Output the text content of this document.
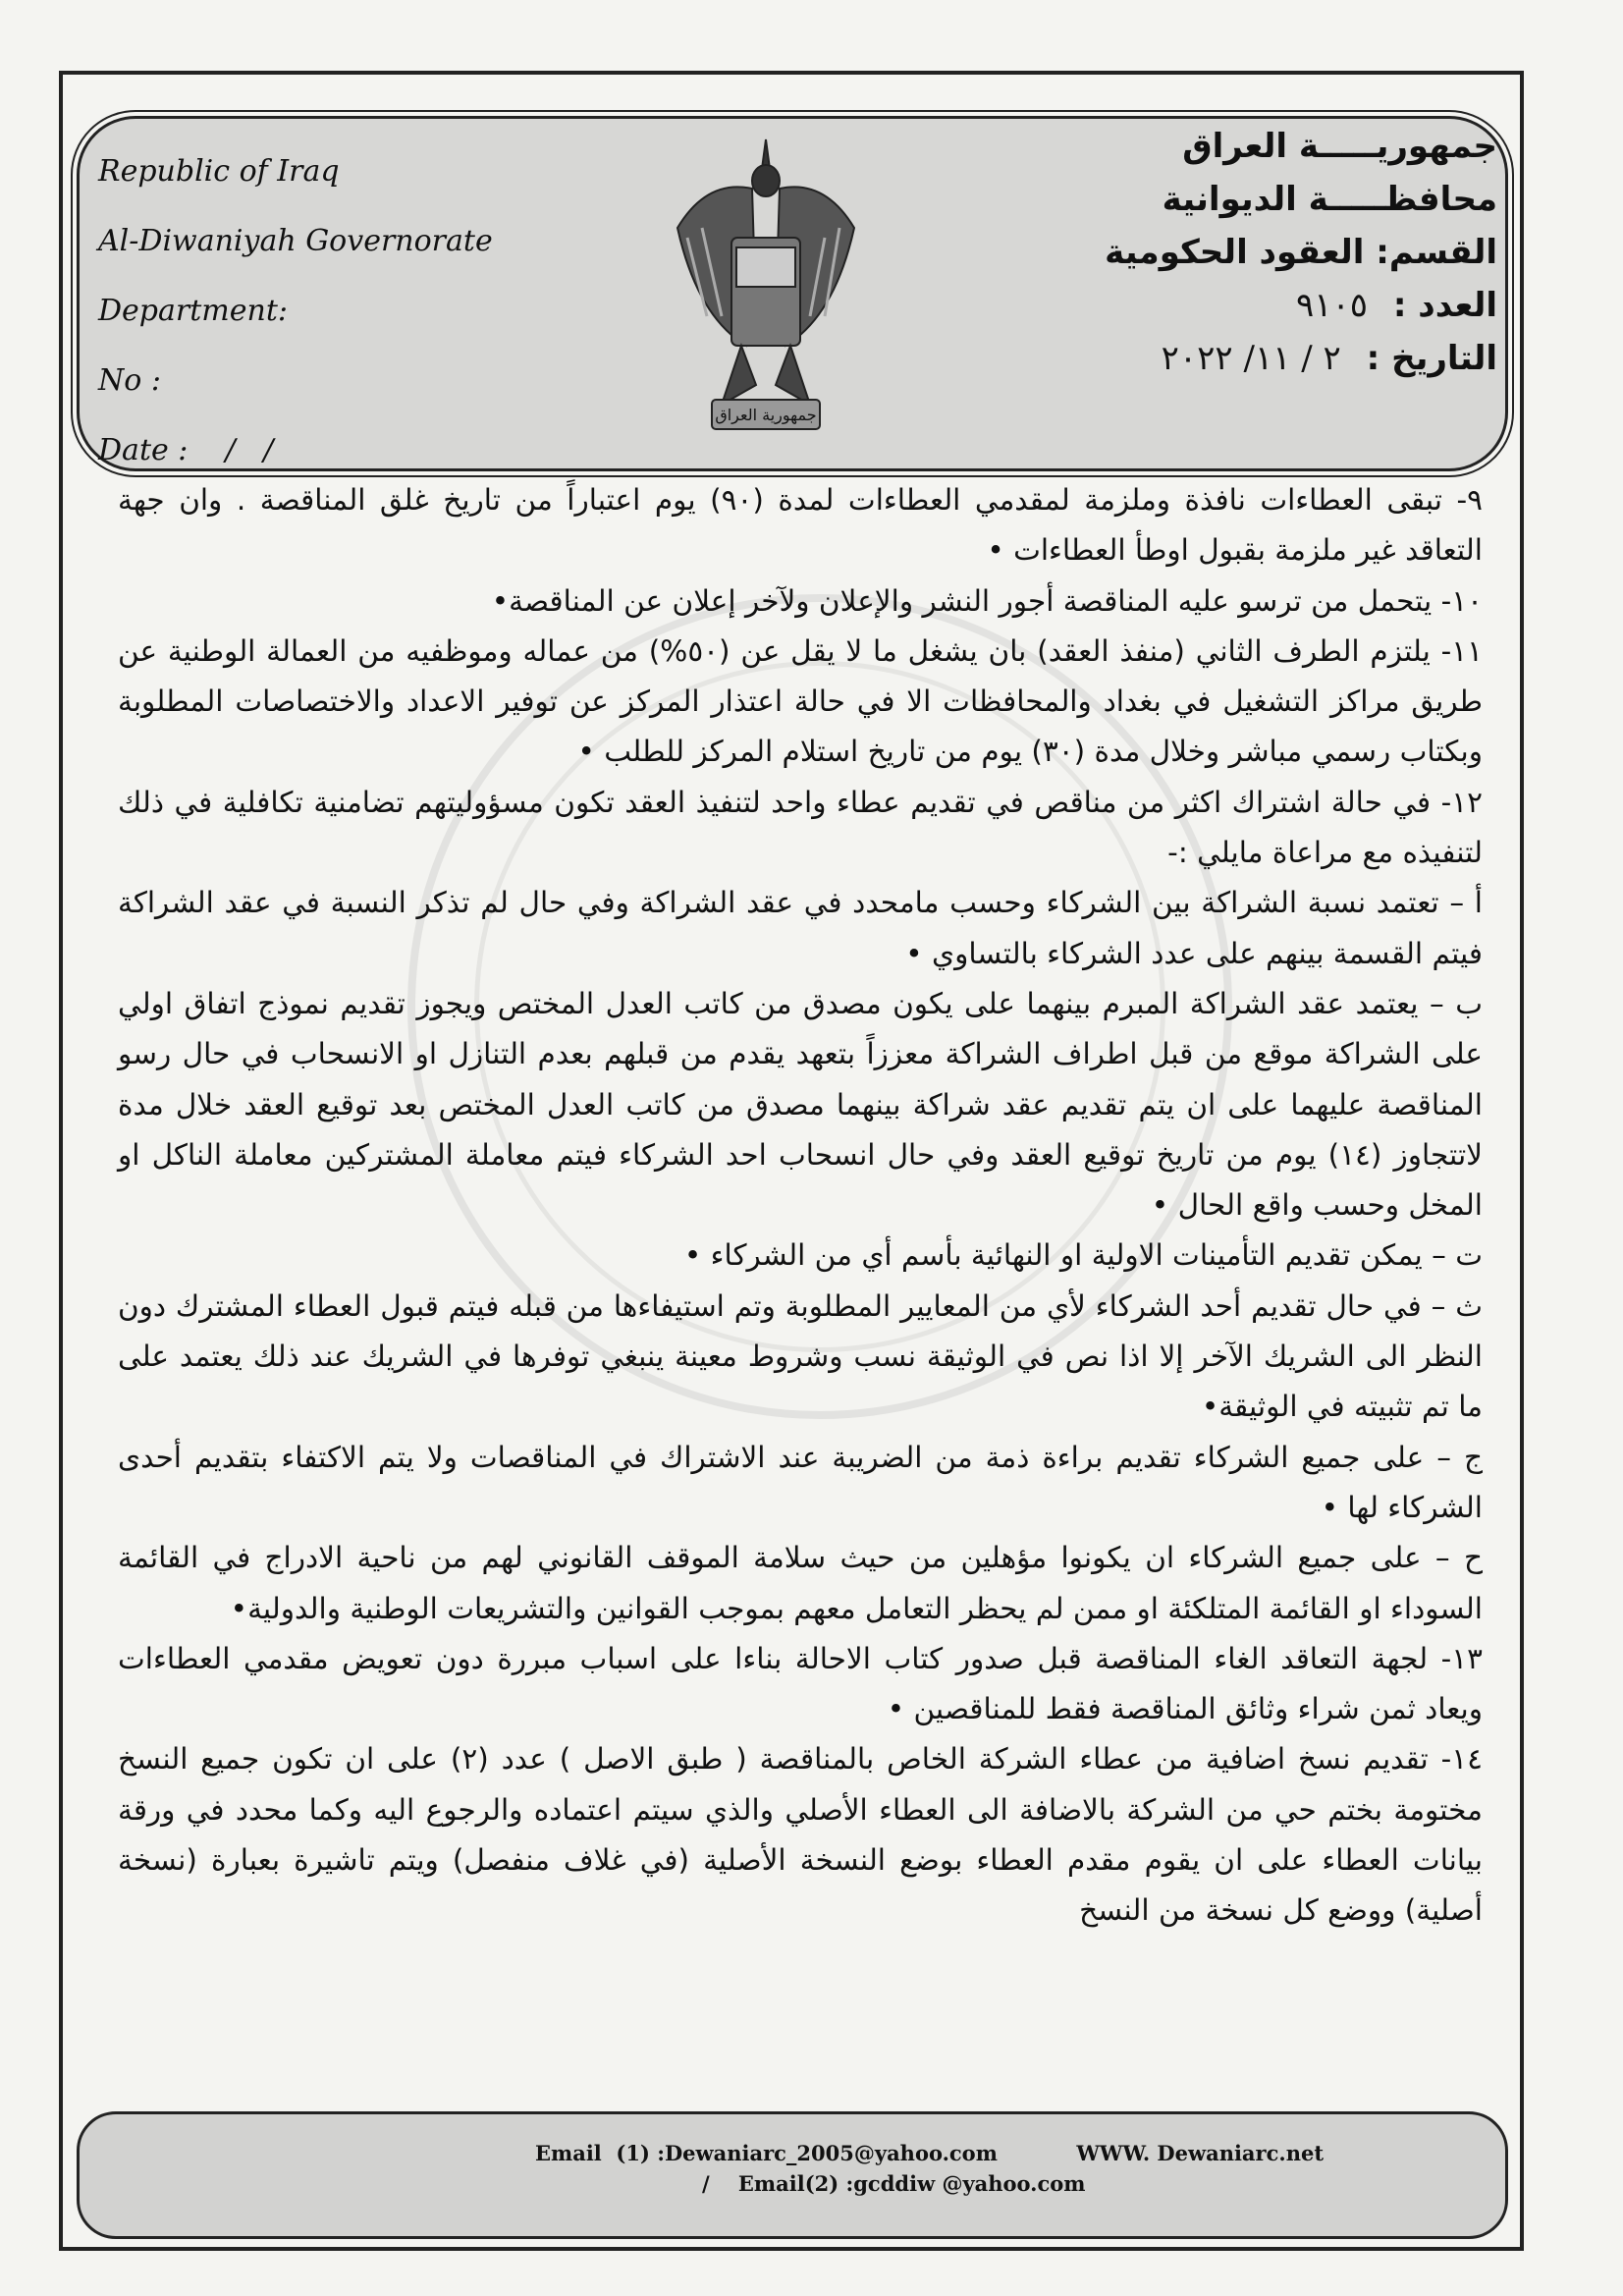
Republic of Iraq
Al-Diwaniyah Governorate
Department:
No :
Date :    /   /
جمهورية العراق
جمهوريـــــة العراق
محافظـــــة الديوانية
القسم: العقود الحكومية
العدد : ٩١٠٥
التاريخ : ٢ / ١١/ ٢٠٢٢

٩- تبقى العطاءات نافذة وملزمة لمقدمي العطاءات لمدة (٩٠) يوم اعتباراً من تاريخ غلق المناقصة . وان جهة التعاقد غير ملزمة بقبول اوطأ العطاءات •

١٠- يتحمل من ترسو عليه المناقصة أجور النشر والإعلان ولآخر إعلان عن المناقصة•

١١- يلتزم الطرف الثاني (منفذ العقد) بان يشغل ما لا يقل عن (٥٠%) من عماله وموظفيه من العمالة الوطنية عن طريق مراكز التشغيل في بغداد والمحافظات الا في حالة اعتذار المركز عن توفير الاعداد والاختصاصات المطلوبة وبكتاب رسمي مباشر وخلال مدة (٣٠) يوم من تاريخ استلام المركز للطلب •

١٢- في حالة اشتراك اكثر من مناقص في تقديم عطاء واحد لتنفيذ العقد تكون مسؤوليتهم تضامنية تكافلية في ذلك لتنفيذه مع مراعاة مايلي :-

أ – تعتمد نسبة الشراكة بين الشركاء وحسب مامحدد في عقد الشراكة وفي حال لم تذكر النسبة في عقد الشراكة فيتم القسمة بينهم على عدد الشركاء بالتساوي •

ب – يعتمد عقد الشراكة المبرم بينهما على يكون مصدق من كاتب العدل المختص ويجوز تقديم نموذج اتفاق اولي على الشراكة موقع من قبل اطراف الشراكة معززاً بتعهد يقدم من قبلهم بعدم التنازل او الانسحاب في حال رسو المناقصة عليهما على ان يتم تقديم عقد شراكة بينهما مصدق من كاتب العدل المختص بعد توقيع العقد خلال مدة لاتتجاوز (١٤) يوم من تاريخ توقيع العقد وفي حال انسحاب احد الشركاء فيتم معاملة المشتركين معاملة الناكل او المخل وحسب واقع الحال •

ت – يمكن تقديم التأمينات الاولية او النهائية بأسم أي من الشركاء •

ث – في حال تقديم أحد الشركاء لأي من المعايير المطلوبة وتم استيفاءها من قبله فيتم قبول العطاء المشترك دون النظر الى الشريك الآخر إلا اذا نص في الوثيقة نسب وشروط معينة ينبغي توفرها في الشريك عند ذلك يعتمد على ما تم تثبيته في الوثيقة•

ج – على جميع الشركاء تقديم براءة ذمة من الضريبة عند الاشتراك في المناقصات ولا يتم الاكتفاء بتقديم أحدى الشركاء لها •

ح – على جميع الشركاء ان يكونوا مؤهلين من حيث سلامة الموقف القانوني لهم من ناحية الادراج في القائمة السوداء او القائمة المتلكئة او ممن لم يحظر التعامل معهم بموجب القوانين والتشريعات الوطنية والدولية•

١٣- لجهة التعاقد الغاء المناقصة قبل صدور كتاب الاحالة بناءا على اسباب مبررة دون تعويض مقدمي العطاءات ويعاد ثمن شراء وثائق المناقصة فقط للمناقصين •

١٤- تقديم نسخ اضافية من عطاء الشركة الخاص بالمناقصة ( طبق الاصل ) عدد (٢) على ان تكون جميع النسخ مختومة بختم حي من الشركة بالاضافة الى العطاء الأصلي والذي سيتم اعتماده والرجوع اليه وكما محدد في ورقة بيانات العطاء على ان يقوم مقدم العطاء بوضع النسخة الأصلية (في غلاف منفصل) ويتم تاشيرة بعبارة (نسخة أصلية) ووضع كل نسخة من النسخ

Email  (1) :Dewaniarc_2005@yahoo.com           WWW. Dewaniarc.net
/    Email(2) :gcddiw @yahoo.com
